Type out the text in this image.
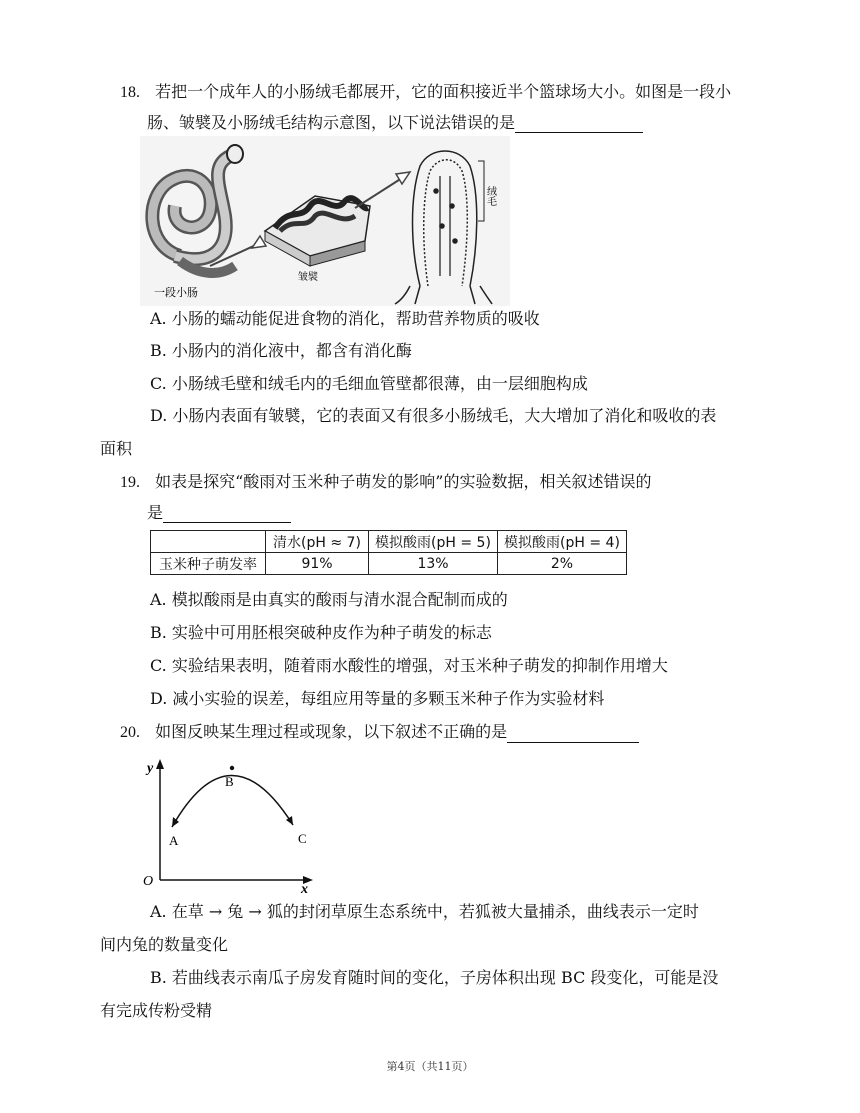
18. 若把一个成年人的小肠绒毛都展开，它的面积接近半个篮球场大小。如图是一段小
肠、皱襞及小肠绒毛结构示意图，以下说法错误的是
皱襞
绒毛
一段小肠
A. 小肠的蠕动能促进食物的消化，帮助营养物质的吸收
B. 小肠内的消化液中，都含有消化酶
C. 小肠绒毛壁和绒毛内的毛细血管壁都很薄，由一层细胞构成
D. 小肠内表面有皱襞，它的表面又有很多小肠绒毛，大大增加了消化和吸收的表
面积
19. 如表是探究“酸雨对玉米种子萌发的影响”的实验数据，相关叙述错误的
是
	清水(pH ≈ 7)	模拟酸雨(pH = 5)	模拟酸雨(pH = 4)
玉米种子萌发率	91%	13%	2%
A. 模拟酸雨是由真实的酸雨与清水混合配制而成的
B. 实验中可用胚根突破种皮作为种子萌发的标志
C. 实验结果表明，随着雨水酸性的增强，对玉米种子萌发的抑制作用增大
D. 减小实验的误差，每组应用等量的多颗玉米种子作为实验材料
20. 如图反映某生理过程或现象，以下叙述不正确的是
y
x
O
A
B
C
A. 在草 → 兔 → 狐的封闭草原生态系统中，若狐被大量捕杀，曲线表示一定时
间内兔的数量变化
B. 若曲线表示南瓜子房发育随时间的变化，子房体积出现 BC 段变化，可能是没
有完成传粉受精
第4页（共11页）
